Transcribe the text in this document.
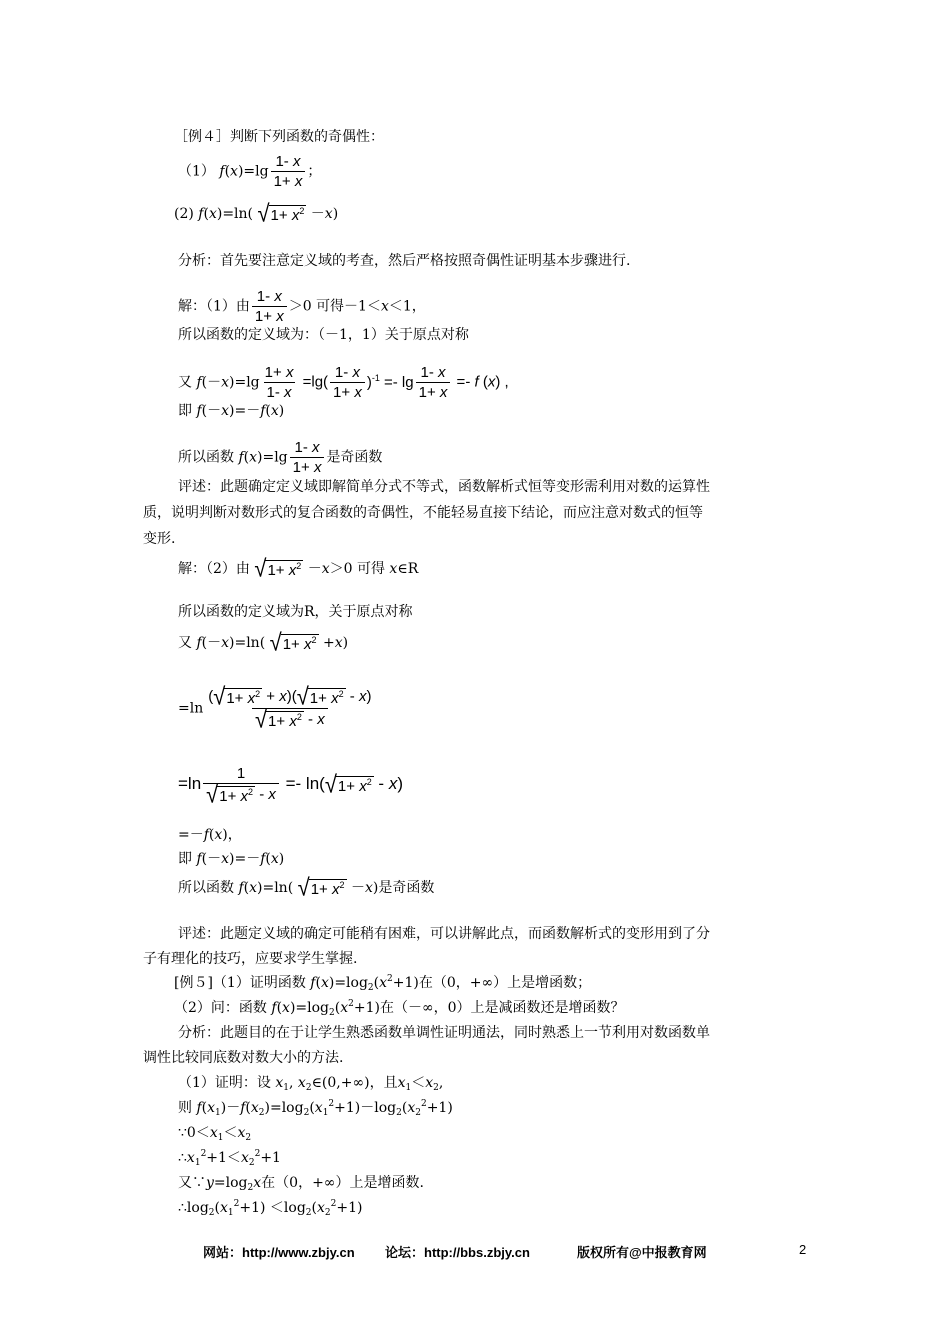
［例４］判断下列函数的奇偶性：
（1） $f(x)=\lg \frac{1- x}{1+ x}$ ；
(2) f(x)=ln( √ $1+ x^2 -x$)
分析：首先要注意定义域的考查，然后严格按照奇偶性证明基本步骤进行.
解：（1）由 $\frac{1- x}{1+ x} >0$ 可得－1＜x＜1，
所以函数的定义域为：（－1，1）关于原点对称
又 $f(-x)=\lg \frac{1+ x}{1- x} =\lg( \frac{1- x}{1+ x} )^{-1} =- \lg \frac{1- x}{1+ x} =- f$ (x) ,
即 f(－x)=－f(x)
所以函数 $f(x)=\lg \frac{1- x}{1+ x}$ 是奇函数
评述：此题确定定义域即解简单分式不等式，函数解析式恒等变形需利用对数的运算性
质，说明判断对数形式的复合函数的奇偶性，不能轻易直接下结论，而应注意对数式的恒等
变形.
解：（2）由 √ $1+ x^2 -x>0$ 可得 x∈R
所以函数的定义域为R，关于原点对称
又 f(－x)=ln( √ $1+ x^2 +x$)
$=\ln \frac{( √ 1+ x^2 + x)( √ 1+ x^2 - x)}{√ 1+ x^2 - x}$
$=\ln \frac{1}{√ 1+ x^2 - x} =- \ln$( √ $1+ x^2 - x$)
=－f(x)，
即 f(－x)=－f(x)
所以函数 f(x)=ln( √ $1+ x^2 -x$)是奇函数
评述：此题定义域的确定可能稍有困难，可以讲解此点，而函数解析式的变形用到了分
子有理化的技巧，应要求学生掌握.
[例５]（1）证明函数 $f(x)=\log_2(x^2+1)$在（0，+∞）上是增函数；
（2）问：函数 $f(x)=\log_2(x^2+1)$在（－∞，0）上是减函数还是增函数？
分析：此题目的在于让学生熟悉函数单调性证明通法，同时熟悉上一节利用对数函数单
调性比较同底数对数大小的方法.
（1）证明：设 $x_1$, $x_2\in(0,+\infty)$，且$x_1<x_2$,
则 $f(x_1)-f(x_2)=\log_2(x_1^2+1)-\log_2(x_2^2+1)$
$\because 0<x_1<x_2$
$\therefore x_1^2+1<x_2^2+1$
又$\because y=\log_2x$在（0，+∞）上是增函数.
$\therefore\log_2(x_1^2+1) <\log_2(x_2^2+1)$
网站：http://www.zbjy.cn 论坛：http://bbs.zbjy.cn	版权所有@中报教育网	2
